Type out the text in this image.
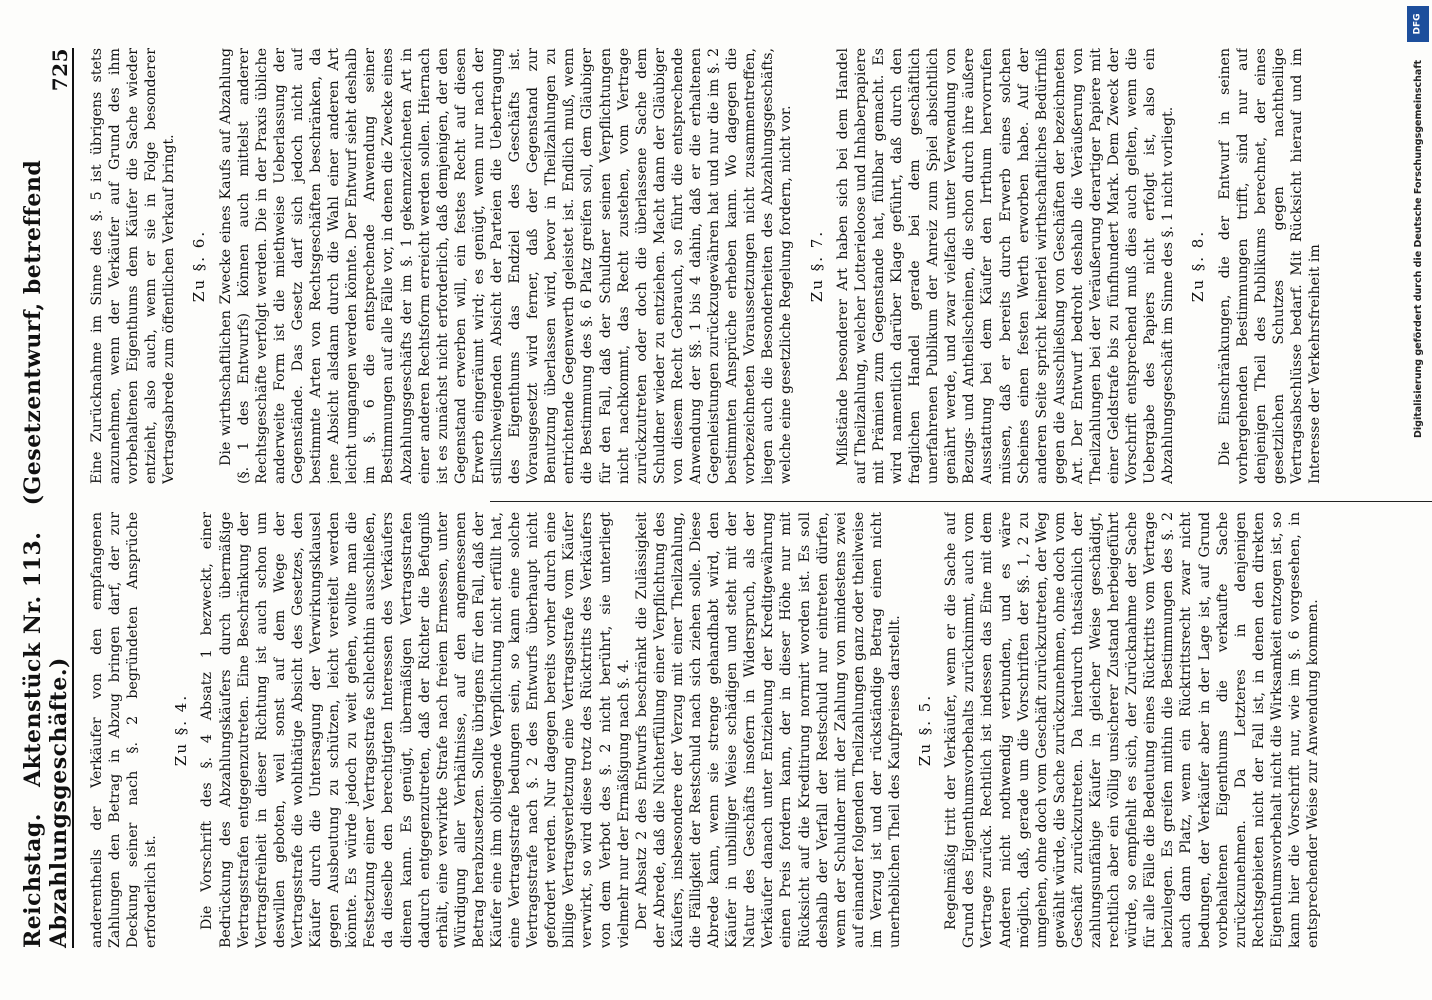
Reichstag. Aktenstück Nr. 113. (Gesetzentwurf, betreffend Abzahlungsgeschäfte.)
725

anderentheils der Verkäufer von den empfangenen Zahlungen den Betrag in Abzug bringen darf, der zur Deckung seiner nach §. 2 begründeten Ansprüche erforderlich ist.

Zu §. 4. Die Vorschrift des §. 4 Absatz 1 bezweckt, einer Bedrückung des Abzahlungskäufers durch übermäßige Vertragsstrafen entgegenzutreten. Eine Beschränkung der Vertragsfreiheit in dieser Richtung ist auch schon um deswillen geboten, weil sonst auf dem Wege der Vertragsstrafe die wohlthätige Absicht des Gesetzes, den Käufer durch die Untersagung der Verwirkungsklausel gegen Ausbeutung zu schützen, leicht vereitelt werden könnte. Es würde jedoch zu weit gehen, wollte man die Festsetzung einer Vertragsstrafe schlechthin ausschließen, da dieselbe den berechtigten Interessen des Verkäufers dienen kann. Es genügt, übermäßigen Vertragsstrafen dadurch entgegenzutreten, daß der Richter die Befugniß erhält, eine verwirkte Strafe nach freiem Ermessen, unter Würdigung aller Verhältnisse, auf den angemessenen Betrag herabzusetzen. Sollte übrigens für den Fall, daß der Käufer eine ihm obliegende Verpflichtung nicht erfüllt hat, eine Vertragsstrafe bedungen sein, so kann eine solche Vertragsstrafe nach §. 2 des Entwurfs überhaupt nicht gefordert werden. Nur dagegen bereits vorher durch eine billige Vertragsverletzung eine Vertragsstrafe vom Käufer verwirkt, so wird diese trotz des Rücktritts des Verkäufers von dem Verbot des §. 2 nicht berührt, sie unterliegt vielmehr nur der Ermäßigung nach §. 4. Der Absatz 2 des Entwurfs beschränkt die Zulässigkeit der Abrede, daß die Nichterfüllung einer Verpflichtung des Käufers, insbesondere der Verzug mit einer Theilzahlung, die Fälligkeit der Restschuld nach sich ziehen solle. Diese Abrede kann, wenn sie strenge gehandhabt wird, den Käufer in unbilliger Weise schädigen und steht mit der Natur des Geschäfts insofern in Widerspruch, als der Verkäufer danach unter Entziehung der Kreditgewährung einen Preis fordern kann, der in dieser Höhe nur mit Rücksicht auf die Kreditirung normirt worden ist. Es soll deshalb der Verfall der Restschuld nur eintreten dürfen, wenn der Schuldner mit der Zahlung von mindestens zwei auf einander folgenden Theilzahlungen ganz oder theilweise im Verzug ist und der rückständige Betrag einen nicht unerheblichen Theil des Kaufpreises darstellt. Zu §. 5. Regelmäßig tritt der Verkäufer, wenn er die Sache auf Grund des Eigenthumsvorbehalts zurücknimmt, auch vom Vertrage zurück. Rechtlich ist indessen das Eine mit dem Anderen nicht nothwendig verbunden, und es wäre möglich, daß, gerade um die Vorschriften der §§. 1, 2 zu umgehen, ohne doch vom Geschäft zurückzutreten, der Weg gewählt würde, die Sache zurückzunehmen, ohne doch vom Geschäft zurückzutreten. Da hierdurch thatsächlich der zahlungsunfähige Käufer in gleicher Weise geschädigt, rechtlich aber ein völlig unsicherer Zustand herbeigeführt würde, so empfiehlt es sich, der Zurücknahme der Sache für alle Fälle die Bedeutung eines Rücktritts vom Vertrage beizulegen. Es greifen mithin die Bestimmungen des §. 2 auch dann Platz, wenn ein Rücktrittsrecht zwar nicht bedungen, der Verkäufer aber in der Lage ist, auf Grund vorbehaltenen Eigenthums die verkaufte Sache zurückzunehmen. Da Letzteres in denjenigen Rechtsgebieten nicht der Fall ist, in denen den direkten Eigenthumsvorbehalt nicht die Wirksamkeit entzogen ist, so kann hier die Vorschrift nur, wie im §. 6 vorgesehen, in entsprechender Weise zur Anwendung kommen.

Eine Zurücknahme im Sinne des §. 5 ist übrigens stets anzunehmen, wenn der Verkäufer auf Grund des ihm vorbehaltenen Eigenthums dem Käufer die Sache wieder entzieht, also auch, wenn er sie in Folge besonderer Vertragsabrede zum öffentlichen Verkauf bringt. Zu §. 6. Die wirthschaftlichen Zwecke eines Kaufs auf Abzahlung (§. 1 des Entwurfs) können auch mittelst anderer Rechtsgeschäfte verfolgt werden. Die in der Praxis übliche anderweite Form ist die miethweise Ueberlassung der Gegenstände. Das Gesetz darf sich jedoch nicht auf bestimmte Arten von Rechtsgeschäften beschränken, da jene Absicht alsdann durch die Wahl einer anderen Art leicht umgangen werden könnte. Der Entwurf sieht deshalb im §. 6 die entsprechende Anwendung seiner Bestimmungen auf alle Fälle vor, in denen die Zwecke eines Abzahlungsgeschäfts der im §. 1 gekennzeichneten Art in einer anderen Rechtsform erreicht werden sollen. Hiernach ist es zunächst nicht erforderlich, daß demjenigen, der den Gegenstand erwerben will, ein festes Recht auf diesen Erwerb eingeräumt wird; es genügt, wenn nur nach der stillschweigenden Absicht der Parteien die Uebertragung des Eigenthums das Endziel des Geschäfts ist. Vorausgesetzt wird ferner, daß der Gegenstand zur Benutzung überlassen wird, bevor in Theilzahlungen zu entrichtende Gegenwerth geleistet ist. Endlich muß, wenn die Bestimmung des §. 6 Platz greifen soll, dem Gläubiger für den Fall, daß der Schuldner seinen Verpflichtungen nicht nachkommt, das Recht zustehen, vom Vertrage zurückzutreten oder doch die überlassene Sache dem Schuldner wieder zu entziehen. Macht dann der Gläubiger von diesem Recht Gebrauch, so führt die entsprechende Anwendung der §§. 1 bis 4 dahin, daß er die erhaltenen Gegenleistungen zurückzugewähren hat und nur die im §. 2 bestimmten Ansprüche erheben kann. Wo dagegen die vorbezeichneten Voraussetzungen nicht zusammentreffen, liegen auch die Besonderheiten des Abzahlungsgeschäfts, welche eine gesetzliche Regelung fordern, nicht vor. Zu §. 7. Mißstände besonderer Art haben sich bei dem Handel auf Theilzahlung, welcher Lotterieloose und Inhaberpapiere mit Prämien zum Gegenstande hat, fühlbar gemacht. Es wird namentlich darüber Klage geführt, daß durch den fraglichen Handel gerade bei dem geschäftlich unerfahrenen Publikum der Anreiz zum Spiel absichtlich genährt werde, und zwar vielfach unter Verwendung von Bezugs- und Antheilscheinen, die schon durch ihre äußere Ausstattung bei dem Käufer den Irrthum hervorrufen müssen, daß er bereits durch Erwerb eines solchen Scheines einen festen Werth erworben habe. Auf der anderen Seite spricht keinerlei wirthschaftliches Bedürfniß gegen die Ausschließung von Geschäften der bezeichneten Art. Der Entwurf bedroht deshalb die Veräußerung von Theilzahlungen bei der Veräußerung derartiger Papiere mit einer Geldstrafe bis zu fünfhundert Mark. Dem Zweck der Vorschrift entsprechend muß dies auch gelten, wenn die Uebergabe des Papiers nicht erfolgt ist, also ein Abzahlungsgeschäft im Sinne des §. 1 nicht vorliegt. Zu §. 8. Die Einschränkungen, die der Entwurf in seinen vorhergehenden Bestimmungen trifft, sind nur auf denjenigen Theil des Publikums berechnet, der eines gesetzlichen Schutzes gegen nachtheilige Vertragsabschlüsse bedarf. Mit Rücksicht hierauf und im Interesse der Verkehrsfreiheit im	Digitalisierung gefördert durch die Deutsche Forschungsgemeinschaft
DFG
